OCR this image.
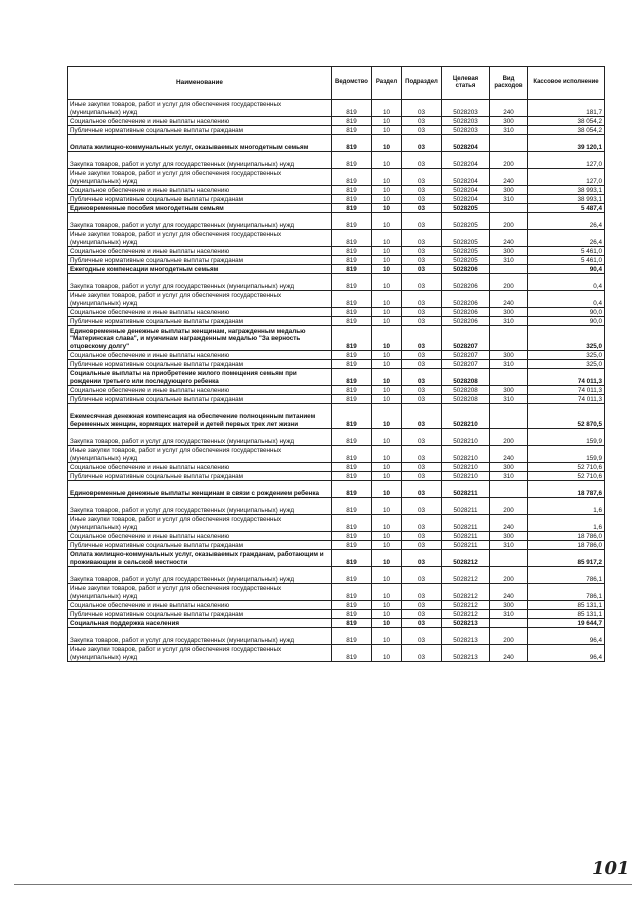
Наименование	Ведомство	Раздел	Подраздел	Целевая статья	Вид расходов	Кассовое исполнение
Иные закупки товаров, работ и услуг для обеспечения государственных (муниципальных) нужд	819	10	03	5028203	240	181,7
Социальное обеспечение и иные выплаты населению	819	10	03	5028203	300	38 054,2
Публичные нормативные социальные выплаты гражданам	819	10	03	5028203	310	38 054,2
Оплата жилищно-коммунальных услуг, оказываемых многодетным семьям	819	10	03	5028204		39 120,1
Закупка товаров, работ и услуг для государственных (муниципальных) нужд	819	10	03	5028204	200	127,0
Иные закупки товаров, работ и услуг для обеспечения государственных (муниципальных) нужд	819	10	03	5028204	240	127,0
Социальное обеспечение и иные выплаты населению	819	10	03	5028204	300	38 993,1
Публичные нормативные социальные выплаты гражданам	819	10	03	5028204	310	38 993,1
Единовременные пособия многодетным семьям	819	10	03	5028205		5 487,4
Закупка товаров, работ и услуг для государственных (муниципальных) нужд	819	10	03	5028205	200	26,4
Иные закупки товаров, работ и услуг для обеспечения государственных (муниципальных) нужд	819	10	03	5028205	240	26,4
Социальное обеспечение и иные выплаты населению	819	10	03	5028205	300	5 461,0
Публичные нормативные социальные выплаты гражданам	819	10	03	5028205	310	5 461,0
Ежегодные компенсации многодетным семьям	819	10	03	5028206		90,4
Закупка товаров, работ и услуг для государственных (муниципальных) нужд	819	10	03	5028206	200	0,4
Иные закупки товаров, работ и услуг для обеспечения государственных (муниципальных) нужд	819	10	03	5028206	240	0,4
Социальное обеспечение и иные выплаты населению	819	10	03	5028206	300	90,0
Публичные нормативные социальные выплаты гражданам	819	10	03	5028206	310	90,0
Единовременные денежные выплаты женщинам, награжденным медалью "Материнская слава", и мужчинам награжденным медалью "За верность отцовскому долгу"	819	10	03	5028207		325,0
Социальное обеспечение и иные выплаты населению	819	10	03	5028207	300	325,0
Публичные нормативные социальные выплаты гражданам	819	10	03	5028207	310	325,0
Социальные выплаты на приобретение жилого помещения семьям при рождении третьего или последующего ребенка	819	10	03	5028208		74 011,3
Социальное обеспечение и иные выплаты населению	819	10	03	5028208	300	74 011,3
Публичные нормативные социальные выплаты гражданам	819	10	03	5028208	310	74 011,3
Ежемесячная денежная компенсация на обеспечение полноценным питанием беременных женщин, кормящих матерей и детей первых трех лет жизни	819	10	03	5028210		52 870,5
Закупка товаров, работ и услуг для государственных (муниципальных) нужд	819	10	03	5028210	200	159,9
Иные закупки товаров, работ и услуг для обеспечения государственных (муниципальных) нужд	819	10	03	5028210	240	159,9
Социальное обеспечение и иные выплаты населению	819	10	03	5028210	300	52 710,6
Публичные нормативные социальные выплаты гражданам	819	10	03	5028210	310	52 710,6
Единовременные денежные выплаты женщинам в связи с рождением ребенка	819	10	03	5028211		18 787,6
Закупка товаров, работ и услуг для государственных (муниципальных) нужд	819	10	03	5028211	200	1,6
Иные закупки товаров, работ и услуг для обеспечения государственных (муниципальных) нужд	819	10	03	5028211	240	1,6
Социальное обеспечение и иные выплаты населению	819	10	03	5028211	300	18 786,0
Публичные нормативные социальные выплаты гражданам	819	10	03	5028211	310	18 786,0
Оплата жилищно-коммунальных услуг, оказываемых гражданам, работающим и проживающим в сельской местности	819	10	03	5028212		85 917,2
Закупка товаров, работ и услуг для государственных (муниципальных) нужд	819	10	03	5028212	200	786,1
Иные закупки товаров, работ и услуг для обеспечения государственных (муниципальных) нужд	819	10	03	5028212	240	786,1
Социальное обеспечение и иные выплаты населению	819	10	03	5028212	300	85 131,1
Публичные нормативные социальные выплаты гражданам	819	10	03	5028212	310	85 131,1
Социальная поддержка населения	819	10	03	5028213		19 644,7
Закупка товаров, работ и услуг для государственных (муниципальных) нужд	819	10	03	5028213	200	96,4
Иные закупки товаров, работ и услуг для обеспечения государственных (муниципальных) нужд	819	10	03	5028213	240	96,4
101
